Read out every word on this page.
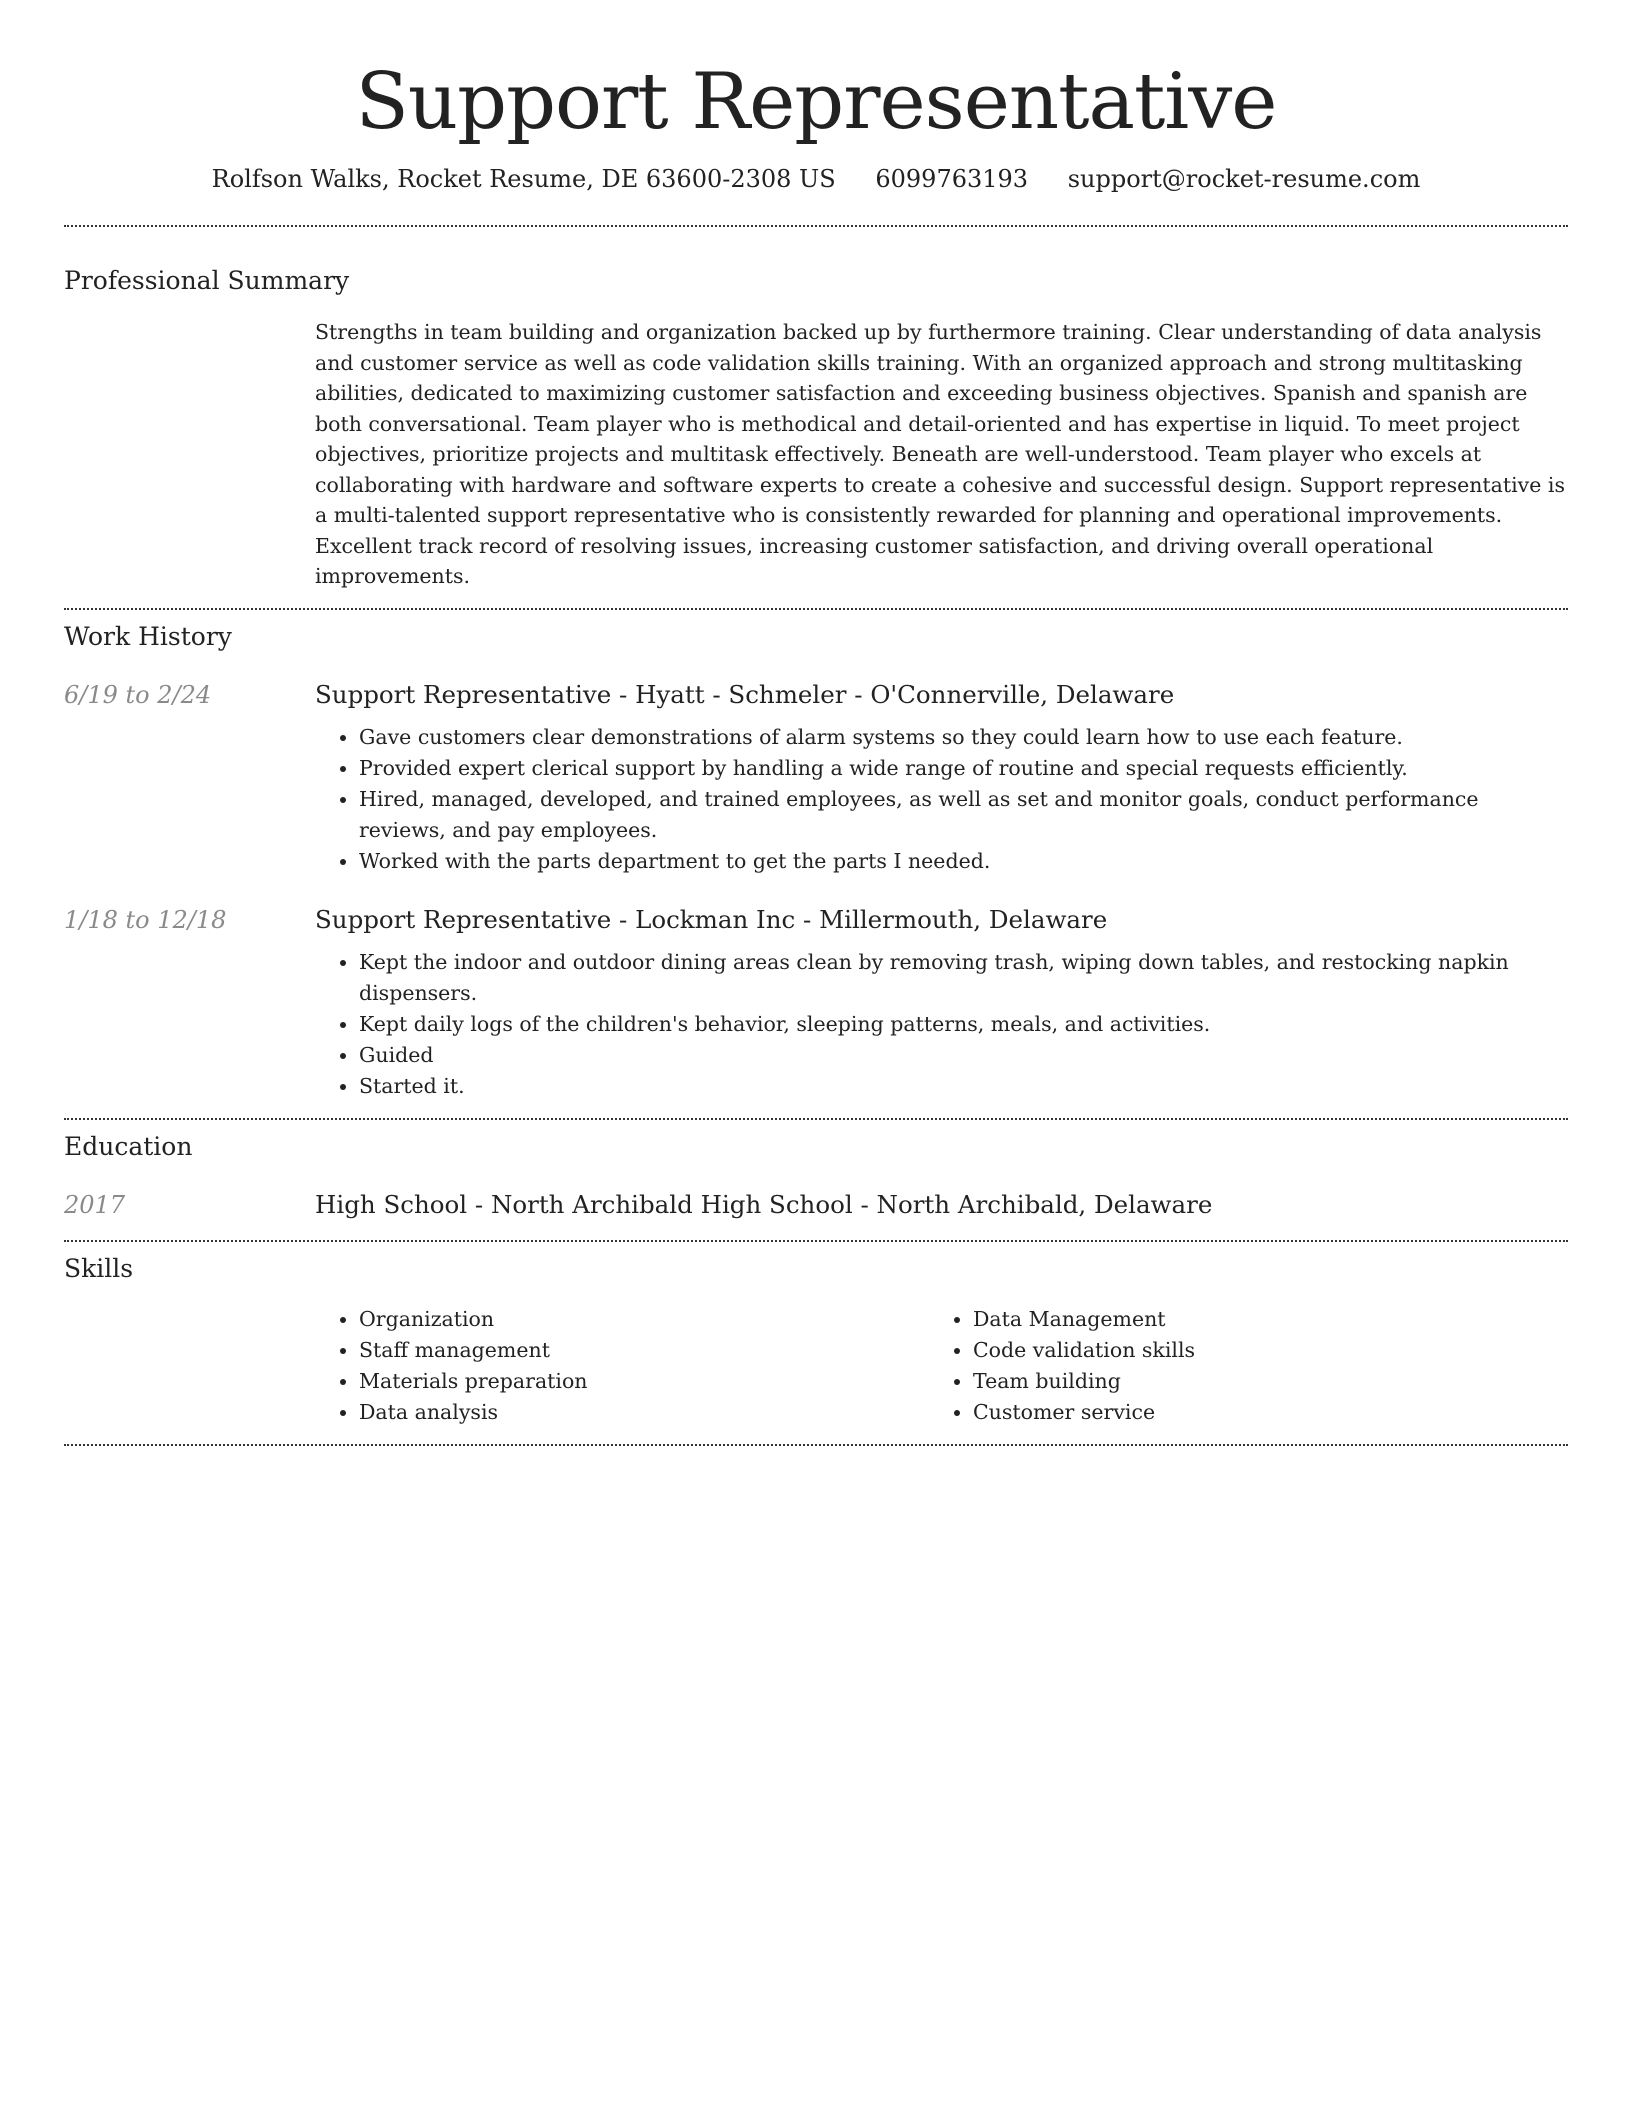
Support Representative
Rolfson Walks, Rocket Resume, DE 63600-2308 US 6099763193 support@rocket-resume.com
Professional Summary
Strengths in team building and organization backed up by furthermore training. Clear understanding of data analysis and customer service as well as code validation skills training. With an organized approach and strong multitasking abilities, dedicated to maximizing customer satisfaction and exceeding business objectives. Spanish and spanish are both conversational. Team player who is methodical and detail-oriented and has expertise in liquid. To meet project objectives, prioritize projects and multitask effectively. Beneath are well-understood. Team player who excels at collaborating with hardware and software experts to create a cohesive and successful design. Support representative is a multi-talented support representative who is consistently rewarded for planning and operational improvements. Excellent track record of resolving issues, increasing customer satisfaction, and driving overall operational improvements.
Work History
6/19 to 2/24	Support Representative - Hyatt - Schmeler - O'Connerville, Delaware
• Gave customers clear demonstrations of alarm systems so they could learn how to use each feature.
• Provided expert clerical support by handling a wide range of routine and special requests efficiently.
• Hired, managed, developed, and trained employees, as well as set and monitor goals, conduct performance reviews, and pay employees.
• Worked with the parts department to get the parts I needed.
1/18 to 12/18	Support Representative - Lockman Inc - Millermouth, Delaware
• Kept the indoor and outdoor dining areas clean by removing trash, wiping down tables, and restocking napkin dispensers.
• Kept daily logs of the children's behavior, sleeping patterns, meals, and activities.
• Guided
• Started it.
Education
2017	High School - North Archibald High School - North Archibald, Delaware
Skills
• Organization
• Staff management
• Materials preparation
• Data analysis
• Data Management
• Code validation skills
• Team building
• Customer service
